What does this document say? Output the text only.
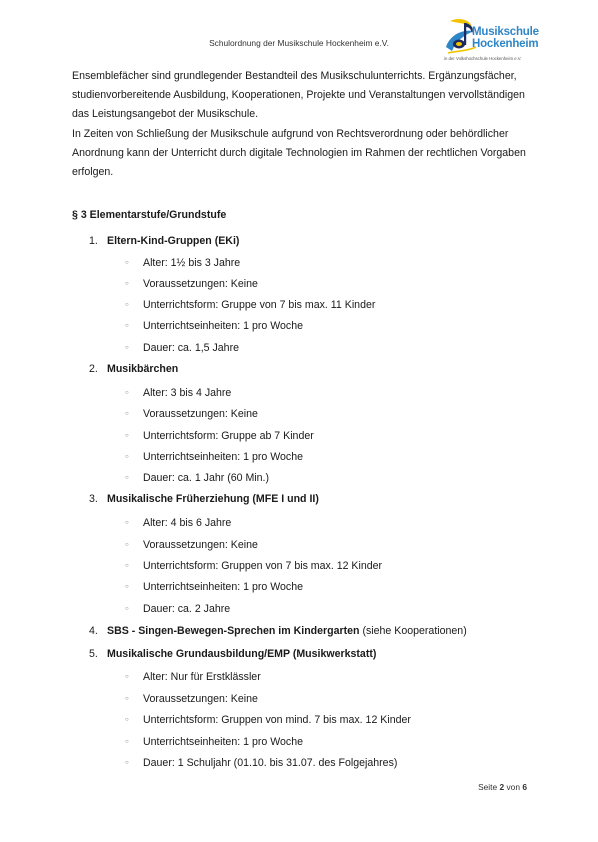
Schulordnung der Musikschule Hockenheim e.V.
Musikschule
Hockenheim
in der Volkshochschule Hockenheim e.V.

Ensemblefächer sind grundlegender Bestandteil des Musikschulunterrichts. Ergänzungsfächer, studienvorbereitende Ausbildung, Kooperationen, Projekte und Veranstaltungen vervollständigen das Leistungsangebot der Musikschule.

In Zeiten von Schließung der Musikschule aufgrund von Rechtsverordnung oder behördlicher Anordnung kann der Unterricht durch digitale Technologien im Rahmen der rechtlichen Vorgaben erfolgen.

§ 3 Elementarstufe/Grundstufe
1. Eltern-Kind-Gruppen (EKi)
○ Alter: 1½ bis 3 Jahre
○ Voraussetzungen: Keine
○ Unterrichtsform: Gruppe von 7 bis max. 11 Kinder
○ Unterrichtseinheiten: 1 pro Woche
○ Dauer: ca. 1,5 Jahre
2. Musikbärchen
○ Alter: 3 bis 4 Jahre
○ Voraussetzungen: Keine
○ Unterrichtsform: Gruppe ab 7 Kinder
○ Unterrichtseinheiten: 1 pro Woche
○ Dauer: ca. 1 Jahr (60 Min.)
3. Musikalische Früherziehung (MFE I und II)
○ Alter: 4 bis 6 Jahre
○ Voraussetzungen: Keine
○ Unterrichtsform: Gruppen von 7 bis max. 12 Kinder
○ Unterrichtseinheiten: 1 pro Woche
○ Dauer: ca. 2 Jahre
4. SBS - Singen-Bewegen-Sprechen im Kindergarten (siehe Kooperationen)
5. Musikalische Grundausbildung/EMP (Musikwerkstatt)
○ Alter: Nur für Erstklässler
○ Voraussetzungen: Keine
○ Unterrichtsform: Gruppen von mind. 7 bis max. 12 Kinder
○ Unterrichtseinheiten: 1 pro Woche
○ Dauer: 1 Schuljahr (01.10. bis 31.07. des Folgejahres)
Seite 2 von 6
